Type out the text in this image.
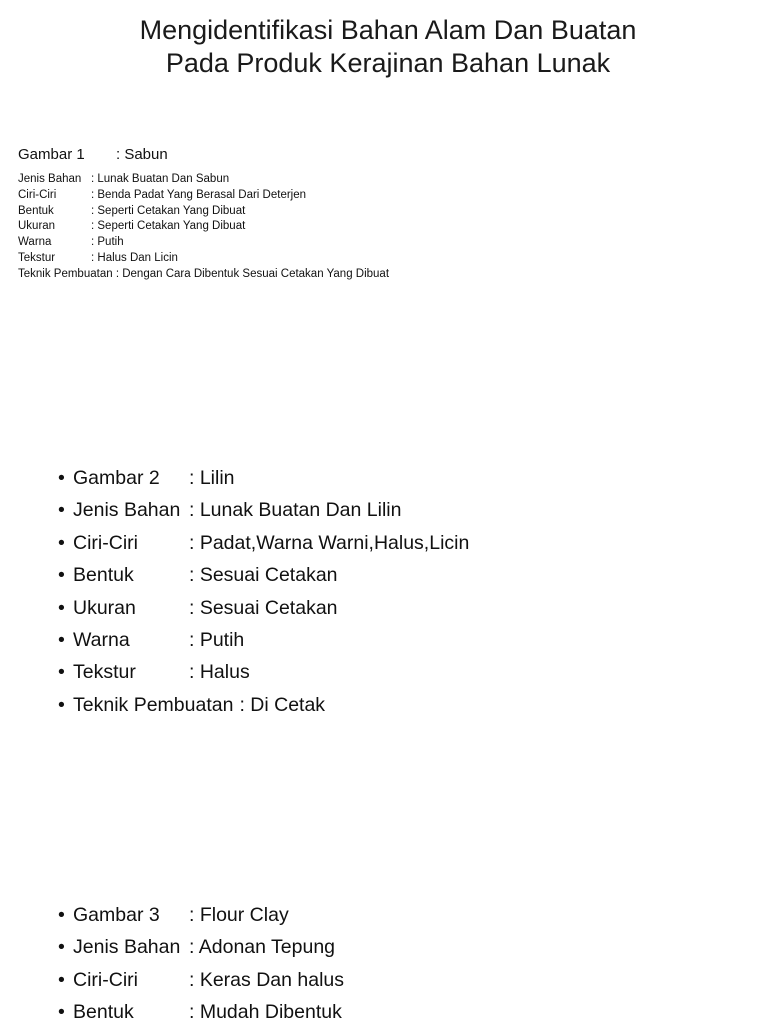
Mengidentifikasi Bahan Alam Dan Buatan
Pada Produk Kerajinan Bahan Lunak
Gambar 1	: Sabun
Jenis Bahan : Lunak Buatan Dan Sabun
Ciri-Ciri	: Benda Padat Yang Berasal Dari Deterjen
Bentuk	: Seperti Cetakan Yang Dibuat
Ukuran	: Seperti Cetakan Yang Dibuat
Warna	: Putih
Tekstur	: Halus Dan Licin
Teknik Pembuatan : Dengan Cara Dibentuk Sesuai Cetakan Yang Dibuat
• Gambar 2	: Lilin
• Jenis Bahan : Lunak Buatan Dan Lilin
• Ciri-Ciri	: Padat,Warna Warni,Halus,Licin
• Bentuk	: Sesuai Cetakan
• Ukuran	: Sesuai Cetakan
• Warna	: Putih
• Tekstur	: Halus
• Teknik Pembuatan : Di Cetak
• Gambar 3	: Flour Clay
• Jenis Bahan : Adonan Tepung
• Ciri-Ciri	: Keras Dan halus
• Bentuk	: Mudah Dibentuk
